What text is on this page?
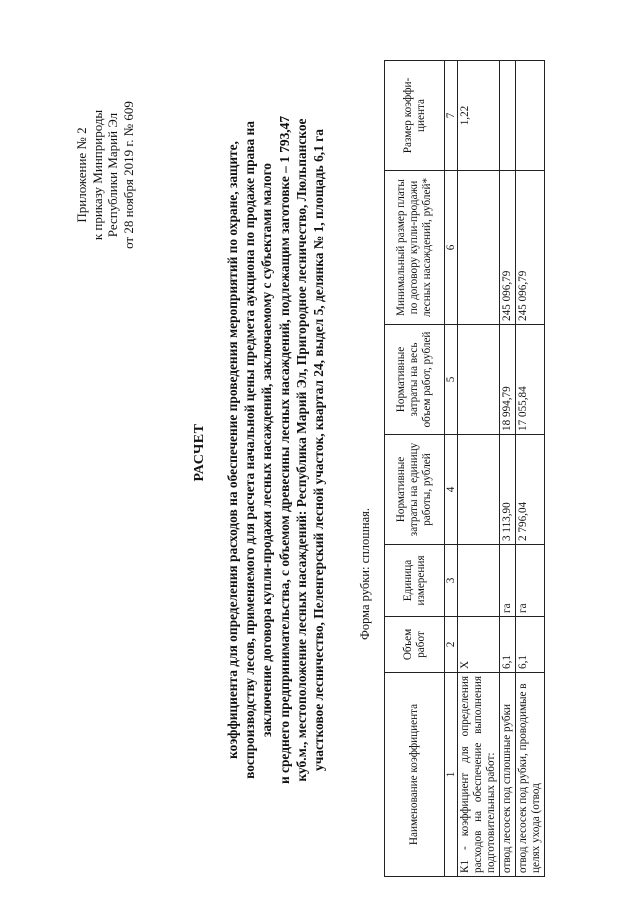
Приложение № 2 к приказу Минприроды Республики Марий Эл от 28 ноября 2019 г. № 609
РАСЧЕТ коэффициента для определения расходов на обеспечение проведения мероприятий по охране, защите, воспроизводству лесов, применяемого для расчета начальной цены предмета аукциона по продаже права на заключение договора купли-продажи лесных насаждений, заключаемому с субъектами малого и среднего предпринимательства, с объемом древесины лесных насаждений, подлежащим заготовке – 1 793,47 куб.м., местоположение лесных насаждений: Республика Марий Эл, Пригородное лесничество, Люльпанское участковое лесничество, Пеленгерский лесной участок, квартал 24, выдел 5, делянка № 1, площадь 6,1 га	Форма рубки: сплошная.
Наименование коэффициента	Объем работ	Единица измерения	Нормативные затраты на единицу работы, рублей	Нормативные затраты на весь объем работ, рублей	Минимальный размер платы по договору купли-продажи лесных насаждений, рублей*	Размер коэффи-циента
1	2	3	4	5	6	7
К1 - коэффициент для определения расходов на обеспечение выполнения подготовительных работ:	X					1,22
отвод лесосек под сплошные рубки	6,1	га	3 113,90	18 994,79	245 096,79	
отвод лесосек под рубки, проводимые в целях ухода (отвод	6,1	га	2 796,04	17 055,84	245 096,79	
